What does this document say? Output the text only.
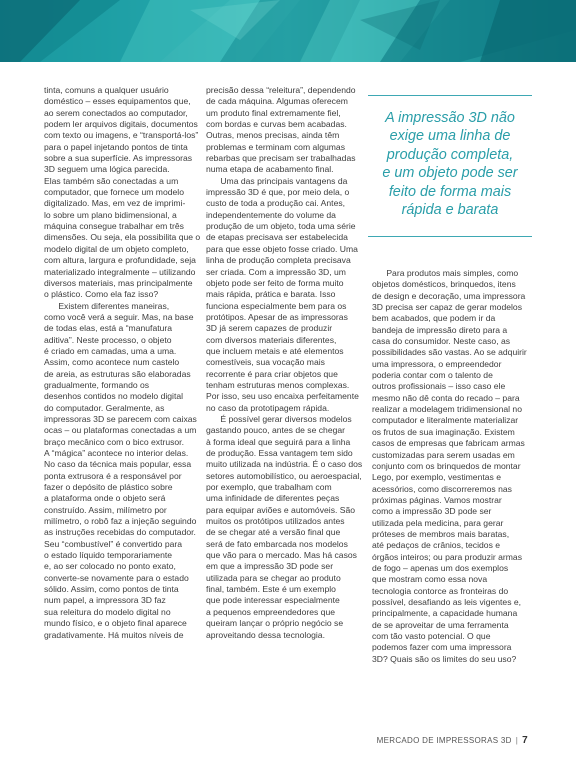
tinta, comuns a qualquer usuário

doméstico – esses equipamentos que,

ao serem conectados ao computador,

podem ler arquivos digitais, documentos

com texto ou imagens, e “transportá-los”

para o papel injetando pontos de tinta

sobre a sua superfície. As impressoras

3D seguem uma lógica parecida.

Elas também são conectadas a um

computador, que fornece um modelo

digitalizado. Mas, em vez de imprimi-

lo sobre um plano bidimensional, a

máquina consegue trabalhar em três

dimensões. Ou seja, ela possibilita que o

modelo digital de um objeto completo,

com altura, largura e profundidade, seja

materializado integralmente – utilizando

diversos materiais, mas principalmente

o plástico. Como ela faz isso?

Existem diferentes maneiras,

como você verá a seguir. Mas, na base

de todas elas, está a “manufatura

aditiva”. Neste processo, o objeto

é criado em camadas, uma a uma.

Assim, como acontece num castelo

de areia, as estruturas são elaboradas

gradualmente, formando os

desenhos contidos no modelo digital

do computador. Geralmente, as

impressoras 3D se parecem com caixas

ocas – ou plataformas conectadas a um

braço mecânico com o bico extrusor.

A “mágica” acontece no interior delas.

No caso da técnica mais popular, essa

ponta extrusora é a responsável por

fazer o depósito de plástico sobre

a plataforma onde o objeto será

construído. Assim, milímetro por

milímetro, o robô faz a injeção seguindo

as instruções recebidas do computador.

Seu “combustível” é convertido para

o estado líquido temporariamente

e, ao ser colocado no ponto exato,

converte-se novamente para o estado

sólido. Assim, como pontos de tinta

num papel, a impressora 3D faz

sua releitura do modelo digital no

mundo físico, e o objeto final aparece

gradativamente. Há muitos níveis de

precisão dessa “releitura”, dependendo

de cada máquina. Algumas oferecem

um produto final extremamente fiel,

com bordas e curvas bem acabadas.

Outras, menos precisas, ainda têm

problemas e terminam com algumas

rebarbas que precisam ser trabalhadas

numa etapa de acabamento final.

Uma das principais vantagens da

impressão 3D é que, por meio dela, o

custo de toda a produção cai. Antes,

independentemente do volume da

produção de um objeto, toda uma série

de etapas precisava ser estabelecida

para que esse objeto fosse criado. Uma

linha de produção completa precisava

ser criada. Com a impressão 3D, um

objeto pode ser feito de forma muito

mais rápida, prática e barata. Isso

funciona especialmente bem para os

protótipos. Apesar de as impressoras

3D já serem capazes de produzir

com diversos materiais diferentes,

que incluem metais e até elementos

comestíveis, sua vocação mais

recorrente é para criar objetos que

tenham estruturas menos complexas.

Por isso, seu uso encaixa perfeitamente

no caso da prototipagem rápida.

É possível gerar diversos modelos

gastando pouco, antes de se chegar

à forma ideal que seguirá para a linha

de produção. Essa vantagem tem sido

muito utilizada na indústria. É o caso dos

setores automobilístico, ou aeroespacial,

por exemplo, que trabalham com

uma infinidade de diferentes peças

para equipar aviões e automóveis. São

muitos os protótipos utilizados antes

de se chegar até a versão final que

será de fato embarcada nos modelos

que vão para o mercado. Mas há casos

em que a impressão 3D pode ser

utilizada para se chegar ao produto

final, também. Este é um exemplo

que pode interessar especialmente

a pequenos empreendedores que

queiram lançar o próprio negócio se

aproveitando dessa tecnologia.

A impressão 3D não
exige uma linha de
produção completa,
e um objeto pode ser
feito de forma mais
rápida e barata

Para produtos mais simples, como

objetos domésticos, brinquedos, itens

de design e decoração, uma impressora

3D precisa ser capaz de gerar modelos

bem acabados, que podem ir da

bandeja de impressão direto para a

casa do consumidor. Neste caso, as

possibilidades são vastas. Ao se adquirir

uma impressora, o empreendedor

poderia contar com o talento de

outros profissionais – isso caso ele

mesmo não dê conta do recado – para

realizar a modelagem tridimensional no

computador e literalmente materializar

os frutos de sua imaginação. Existem

casos de empresas que fabricam armas

customizadas para serem usadas em

conjunto com os brinquedos de montar

Lego, por exemplo, vestimentas e

acessórios, como discorreremos nas

próximas páginas. Vamos mostrar

como a impressão 3D pode ser

utilizada pela medicina, para gerar

próteses de membros mais baratas,

até pedaços de crânios, tecidos e

órgãos inteiros; ou para produzir armas

de fogo – apenas um dos exemplos

que mostram como essa nova

tecnologia contorce as fronteiras do

possível, desafiando as leis vigentes e,

principalmente, a capacidade humana

de se aproveitar de uma ferramenta

com tão vasto potencial. O que

podemos fazer com uma impressora

3D? Quais são os limites do seu uso?

MERCADO DE IMPRESSORAS 3D | 7
